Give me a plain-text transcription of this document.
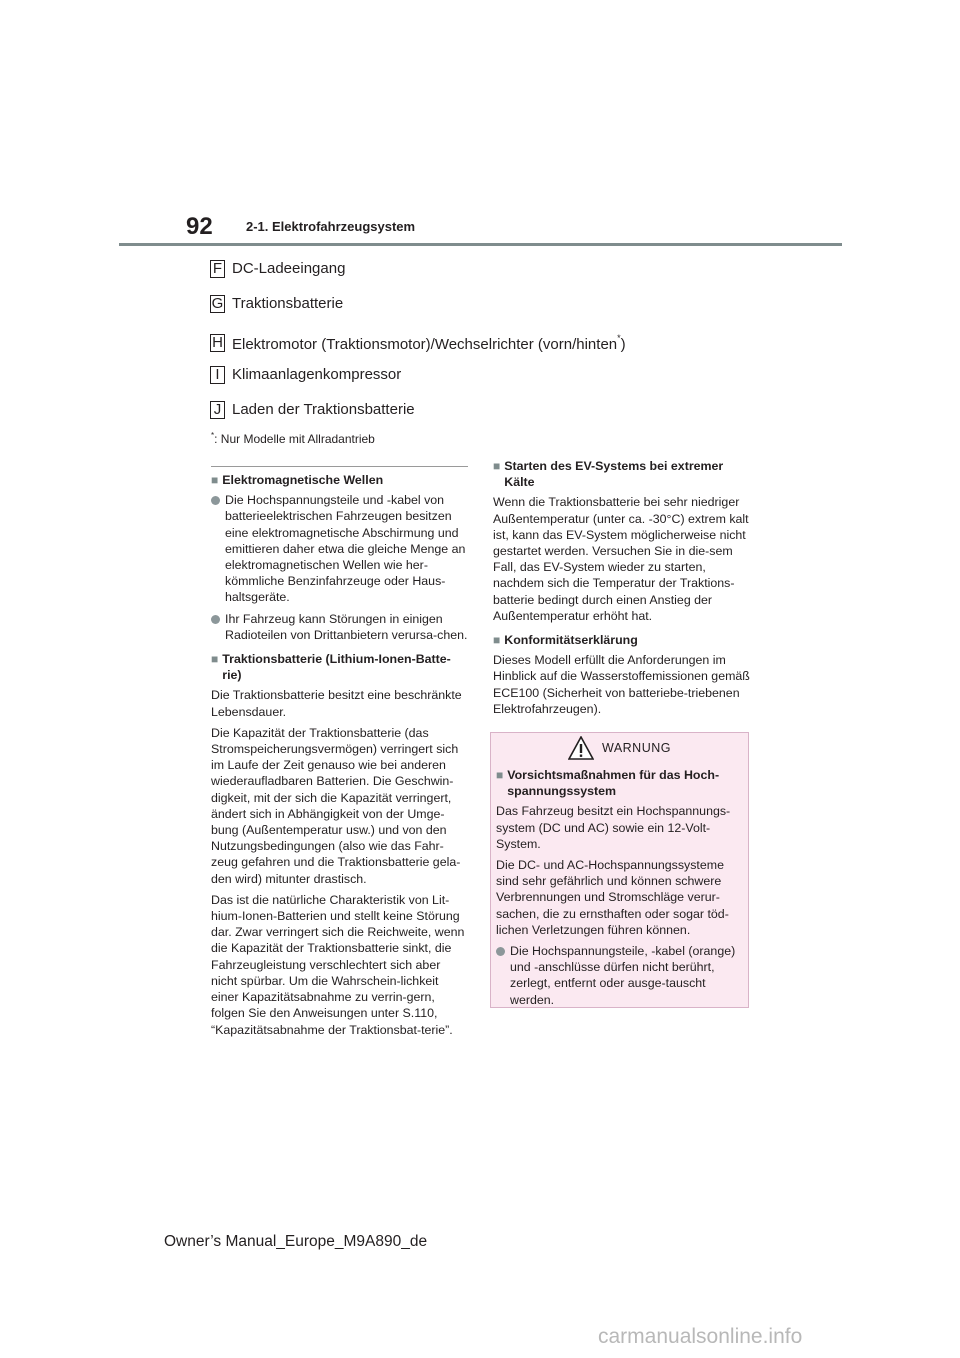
92	2-1. Elektrofahrzeugsystem
F DC-Ladeeingang
G Traktionsbatterie
H Elektromotor (Traktionsmotor)/Wechselrichter (vorn/hinten*)
I Klimaanlagenkompressor
J Laden der Traktionsbatterie
*: Nur Modelle mit Allradantrieb
■ Elektromagnetische Wellen
Die Hochspannungsteile und -kabel von batterieelektrischen Fahrzeugen besitzen eine elektromagnetische Abschirmung und emittieren daher etwa die gleiche Menge an elektromagnetischen Wellen wie her-kömmliche Benzinfahrzeuge oder Haus-haltsgeräte.
Ihr Fahrzeug kann Störungen in einigen Radioteilen von Drittanbietern verursa-chen.
■ Traktionsbatterie (Lithium-Ionen-Batte-rie)

Die Traktionsbatterie besitzt eine beschränkte Lebensdauer.

Die Kapazität der Traktionsbatterie (das Stromspeicherungsvermögen) verringert sich im Laufe der Zeit genauso wie bei anderen wiederaufladbaren Batterien. Die Geschwin-digkeit, mit der sich die Kapazität verringert, ändert sich in Abhängigkeit von der Umge-bung (Außentemperatur usw.) und von den Nutzungsbedingungen (also wie das Fahr-zeug gefahren und die Traktionsbatterie gela-den wird) mitunter drastisch.

Das ist die natürliche Charakteristik von Lit-hium-Ionen-Batterien und stellt keine Störung dar. Zwar verringert sich die Reichweite, wenn die Kapazität der Traktionsbatterie sinkt, die Fahrzeugleistung verschlechtert sich aber nicht spürbar. Um die Wahrschein-lichkeit einer Kapazitätsabnahme zu verrin-gern, folgen Sie den Anweisungen unter S.110, “Kapazitätsabnahme der Traktionsbat-terie”.

■ Starten des EV-Systems bei extremer Kälte

Wenn die Traktionsbatterie bei sehr niedriger Außentemperatur (unter ca. -30°C) extrem kalt ist, kann das EV-System möglicherweise nicht gestartet werden. Versuchen Sie in die-sem Fall, das EV-System wieder zu starten, nachdem sich die Temperatur der Traktions-batterie bedingt durch einen Anstieg der Außentemperatur erhöht hat.

■ Konformitätserklärung

Dieses Modell erfüllt die Anforderungen im Hinblick auf die Wasserstoffemissionen gemäß ECE100 (Sicherheit von batteriebe-triebenen Elektrofahrzeugen).

WARNUNG
■ Vorsichtsmaßnahmen für das Hoch-spannungssystem

Das Fahrzeug besitzt ein Hochspannungs-system (DC und AC) sowie ein 12-Volt-System.

Die DC- und AC-Hochspannungssysteme sind sehr gefährlich und können schwere Verbrennungen und Stromschläge verur-sachen, die zu ernsthaften oder sogar töd-lichen Verletzungen führen können.

Die Hochspannungsteile, -kabel (orange) und -anschlüsse dürfen nicht berührt, zerlegt, entfernt oder ausge-tauscht werden.
Owner’s Manual_Europe_M9A890_de
carmanualsonline.info
